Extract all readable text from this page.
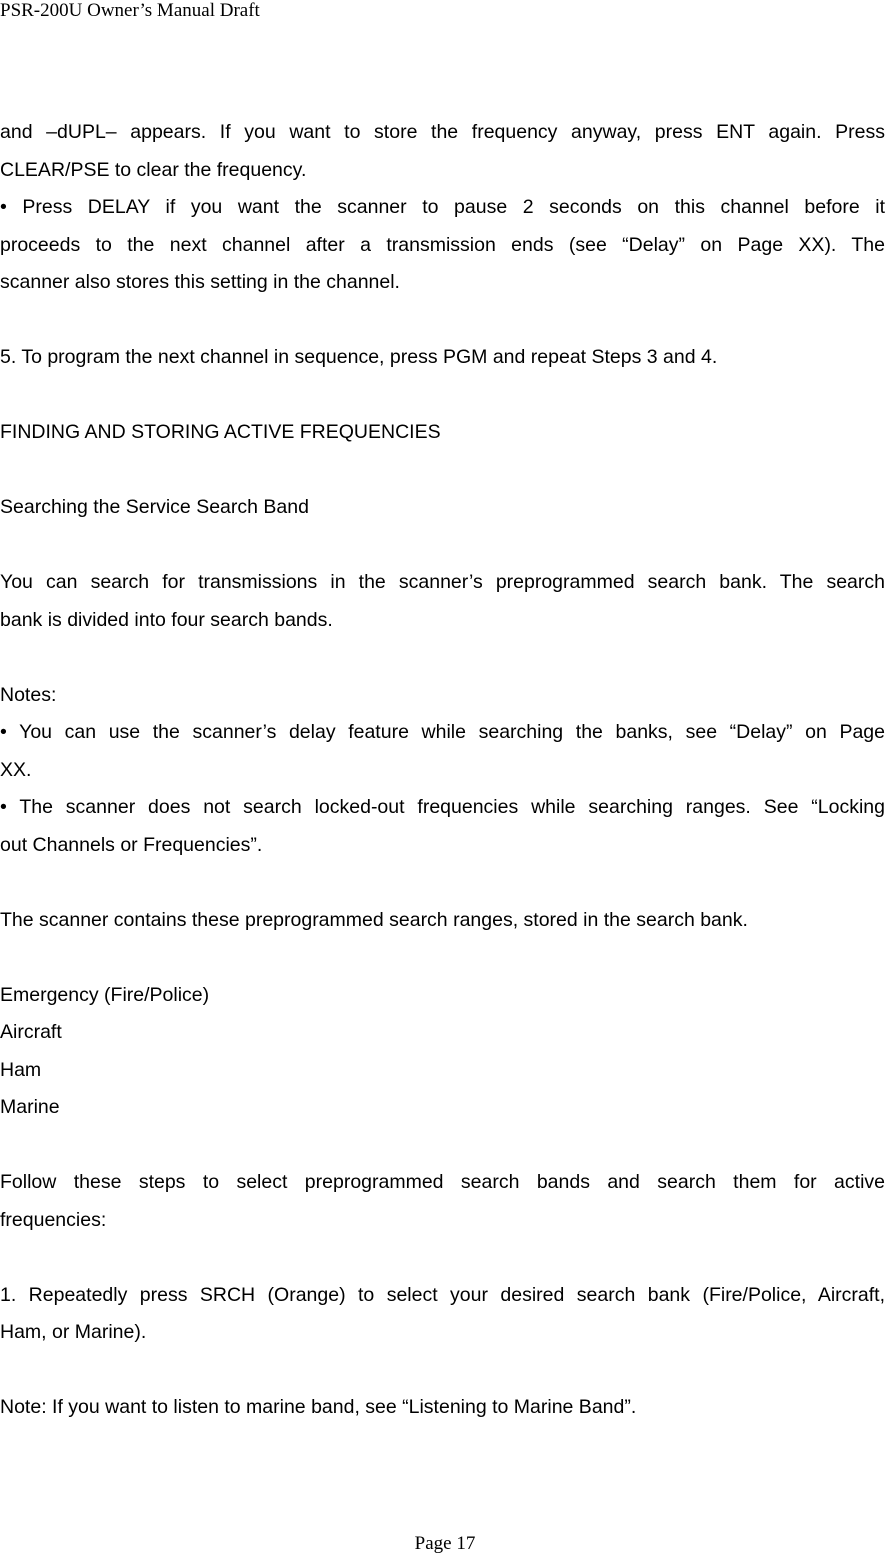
PSR-200U Owner’s Manual Draft

and –dUPL– appears. If you want to store the frequency anyway, press ENT again. Press
CLEAR/PSE to clear the frequency.

• Press DELAY if you want the scanner to pause 2 seconds on this channel before it
proceeds to the next channel after a transmission ends (see “Delay” on Page XX). The
scanner also stores this setting in the channel.

5. To program the next channel in sequence, press PGM and repeat Steps 3 and 4.

FINDING AND STORING ACTIVE FREQUENCIES

Searching the Service Search Band

You can search for transmissions in the scanner’s preprogrammed search bank. The search
bank is divided into four search bands.

Notes:

• You can use the scanner’s delay feature while searching the banks, see “Delay” on Page
XX.

• The scanner does not search locked-out frequencies while searching ranges. See “Locking
out Channels or Frequencies”.

The scanner contains these preprogrammed search ranges, stored in the search bank.

Emergency (Fire/Police)
Aircraft
Ham
Marine

Follow these steps to select preprogrammed search bands and search them for active
frequencies:

1. Repeatedly press SRCH (Orange) to select your desired search bank (Fire/Police, Aircraft,
Ham, or Marine).

Note: If you want to listen to marine band, see “Listening to Marine Band”.

Page 17
